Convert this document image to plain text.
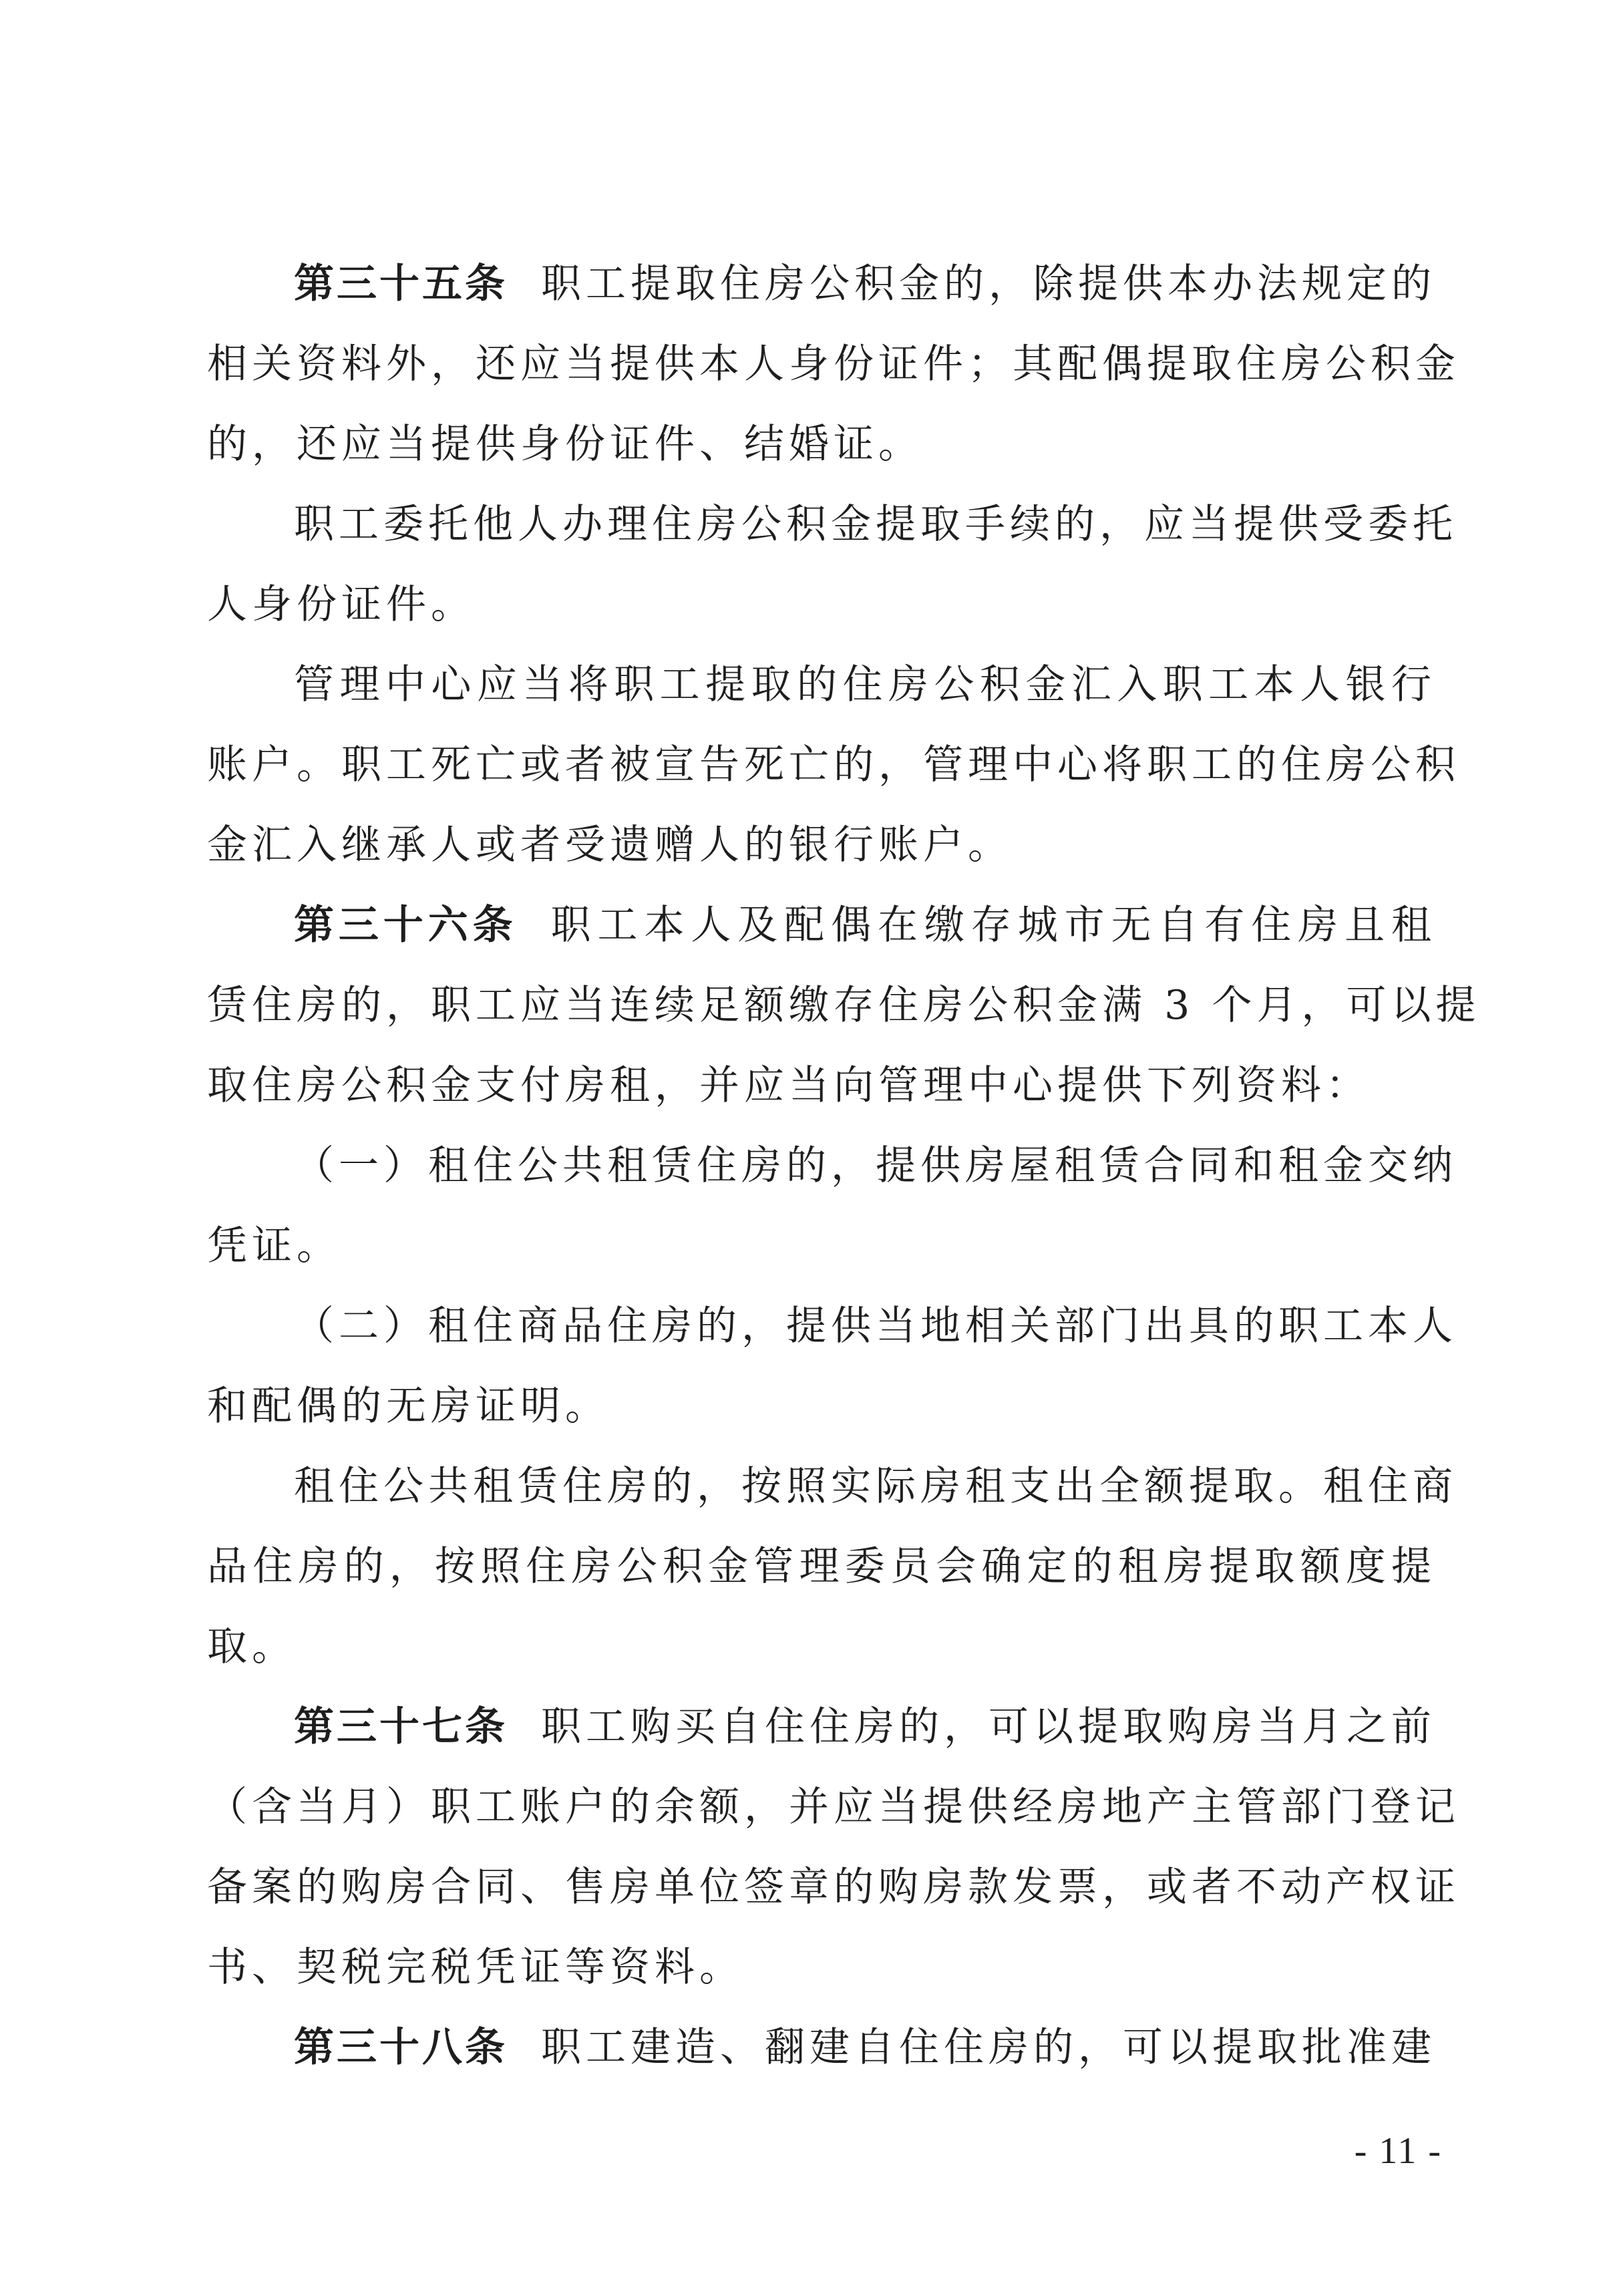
第三十五条 职工提取住房公积金的，除提供本办法规定的
相关资料外，还应当提供本人身份证件；其配偶提取住房公积金
的，还应当提供身份证件、结婚证。
职工委托他人办理住房公积金提取手续的，应当提供受委托
人身份证件。
管理中心应当将职工提取的住房公积金汇入职工本人银行
账户。职工死亡或者被宣告死亡的，管理中心将职工的住房公积
金汇入继承人或者受遗赠人的银行账户。
第三十六条 职工本人及配偶在缴存城市无自有住房且租
赁住房的，职工应当连续足额缴存住房公积金满 3 个月，可以提
取住房公积金支付房租，并应当向管理中心提供下列资料：
（一）租住公共租赁住房的，提供房屋租赁合同和租金交纳
凭证。
（二）租住商品住房的，提供当地相关部门出具的职工本人
和配偶的无房证明。
租住公共租赁住房的，按照实际房租支出全额提取。租住商
品住房的，按照住房公积金管理委员会确定的租房提取额度提
取。
第三十七条 职工购买自住住房的，可以提取购房当月之前
（含当月）职工账户的余额，并应当提供经房地产主管部门登记
备案的购房合同、售房单位签章的购房款发票，或者不动产权证
书、契税完税凭证等资料。
第三十八条 职工建造、翻建自住住房的，可以提取批准建
- 11 -
